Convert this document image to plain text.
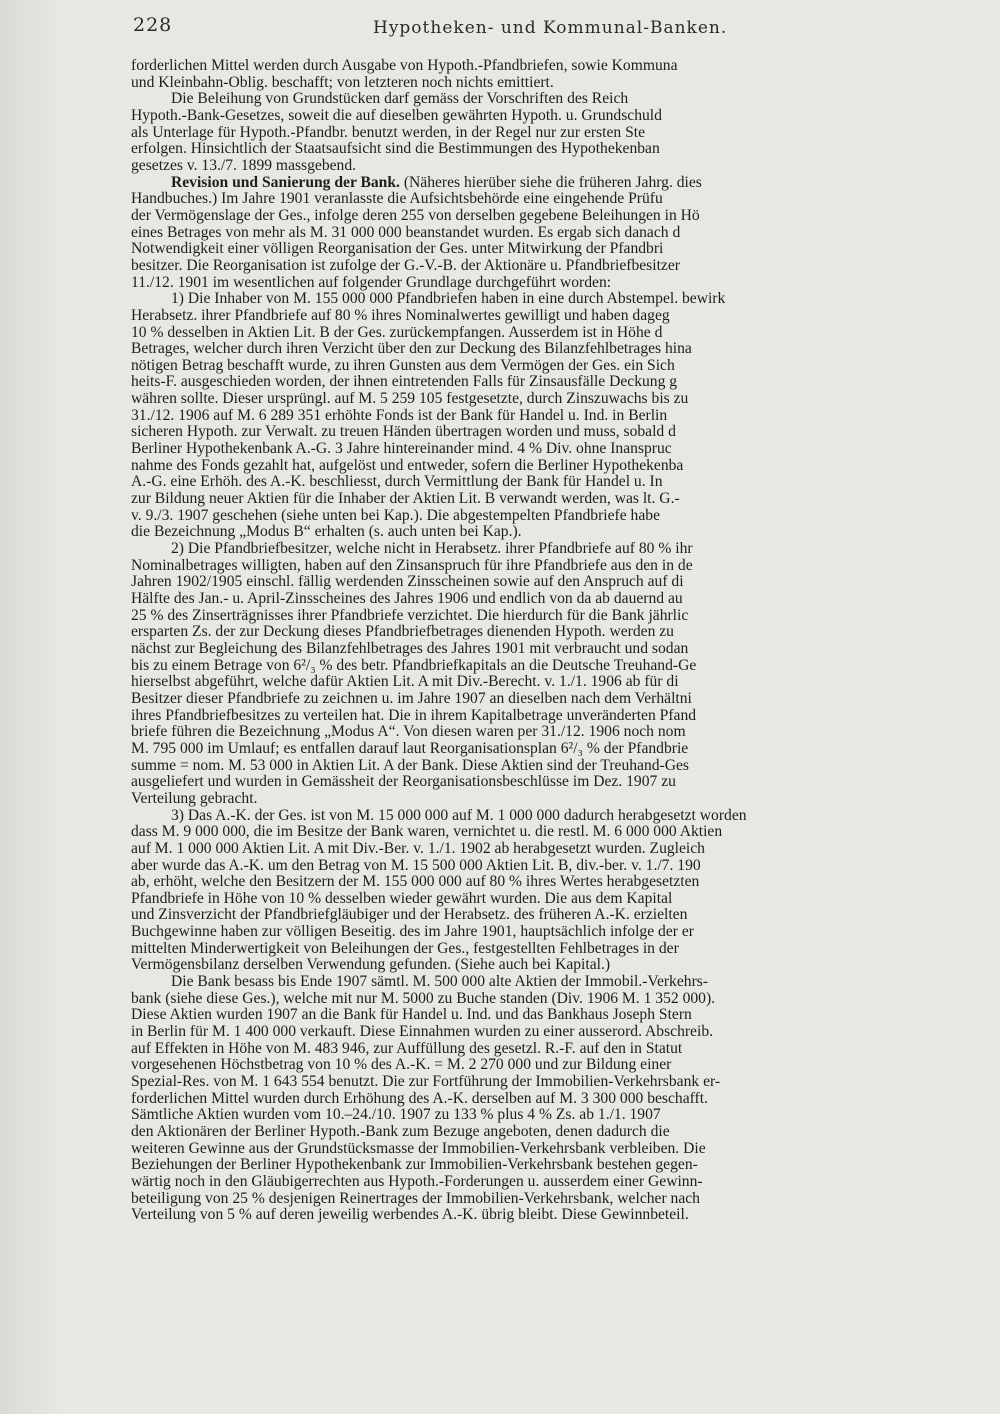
228	Hypotheken- und Kommunal-Banken.

forderlichen Mittel werden durch Ausgabe von Hypoth.-Pfandbriefen, sowie Kommuna
und Kleinbahn-Oblig. beschafft; von letzteren noch nichts emittiert.

Die Beleihung von Grundstücken darf gemäss der Vorschriften des Reich
Hypoth.-Bank-Gesetzes, soweit die auf dieselben gewährten Hypoth. u. Grundschuld
als Unterlage für Hypoth.-Pfandbr. benutzt werden, in der Regel nur zur ersten Ste
erfolgen. Hinsichtlich der Staatsaufsicht sind die Bestimmungen des Hypothekenban
gesetzes v. 13./7. 1899 massgebend.

Revision und Sanierung der Bank. (Näheres hierüber siehe die früheren Jahrg. dies
Handbuches.) Im Jahre 1901 veranlasste die Aufsichtsbehörde eine eingehende Prüfu
der Vermögenslage der Ges., infolge deren 255 von derselben gegebene Beleihungen in Hö
eines Betrages von mehr als M. 31 000 000 beanstandet wurden. Es ergab sich danach d
Notwendigkeit einer völligen Reorganisation der Ges. unter Mitwirkung der Pfandbri
besitzer. Die Reorganisation ist zufolge der G.-V.-B. der Aktionäre u. Pfandbriefbesitzer
11./12. 1901 im wesentlichen auf folgender Grundlage durchgeführt worden:

1) Die Inhaber von M. 155 000 000 Pfandbriefen haben in eine durch Abstempel. bewirk
Herabsetz. ihrer Pfandbriefe auf 80 % ihres Nominalwertes gewilligt und haben dageg
10 % desselben in Aktien Lit. B der Ges. zurückempfangen. Ausserdem ist in Höhe d
Betrages, welcher durch ihren Verzicht über den zur Deckung des Bilanzfehlbetrages hina
nötigen Betrag beschafft wurde, zu ihren Gunsten aus dem Vermögen der Ges. ein Sich
heits-F. ausgeschieden worden, der ihnen eintretenden Falls für Zinsausfälle Deckung g
währen sollte. Dieser ursprüngl. auf M. 5 259 105 festgesetzte, durch Zinszuwachs bis zu
31./12. 1906 auf M. 6 289 351 erhöhte Fonds ist der Bank für Handel u. Ind. in Berlin
sicheren Hypoth. zur Verwalt. zu treuen Händen übertragen worden und muss, sobald d
Berliner Hypothekenbank A.-G. 3 Jahre hintereinander mind. 4 % Div. ohne Inanspruc
nahme des Fonds gezahlt hat, aufgelöst und entweder, sofern die Berliner Hypothekenba
A.-G. eine Erhöh. des A.-K. beschliesst, durch Vermittlung der Bank für Handel u. In
zur Bildung neuer Aktien für die Inhaber der Aktien Lit. B verwandt werden, was lt. G.-
v. 9./3. 1907 geschehen (siehe unten bei Kap.). Die abgestempelten Pfandbriefe habe
die Bezeichnung „Modus B“ erhalten (s. auch unten bei Kap.).

2) Die Pfandbriefbesitzer, welche nicht in Herabsetz. ihrer Pfandbriefe auf 80 % ihr
Nominalbetrages willigten, haben auf den Zinsanspruch für ihre Pfandbriefe aus den in de
Jahren 1902/1905 einschl. fällig werdenden Zinsscheinen sowie auf den Anspruch auf di
Hälfte des Jan.- u. April-Zinsscheines des Jahres 1906 und endlich von da ab dauernd au
25 % des Zinserträgnisses ihrer Pfandbriefe verzichtet. Die hierdurch für die Bank jährlic
ersparten Zs. der zur Deckung dieses Pfandbriefbetrages dienenden Hypoth. werden zu
nächst zur Begleichung des Bilanzfehlbetrages des Jahres 1901 mit verbraucht und sodan
bis zu einem Betrage von 6²/₃ % des betr. Pfandbriefkapitals an die Deutsche Treuhand-Ge
hierselbst abgeführt, welche dafür Aktien Lit. A mit Div.-Berecht. v. 1./1. 1906 ab für di
Besitzer dieser Pfandbriefe zu zeichnen u. im Jahre 1907 an dieselben nach dem Verhältni
ihres Pfandbriefbesitzes zu verteilen hat. Die in ihrem Kapitalbetrage unveränderten Pfand
briefe führen die Bezeichnung „Modus A“. Von diesen waren per 31./12. 1906 noch nom
M. 795 000 im Umlauf; es entfallen darauf laut Reorganisationsplan 6²/₃ % der Pfandbrie
summe = nom. M. 53 000 in Aktien Lit. A der Bank. Diese Aktien sind der Treuhand-Ges
ausgeliefert und wurden in Gemässheit der Reorganisationsbeschlüsse im Dez. 1907 zu
Verteilung gebracht.

3) Das A.-K. der Ges. ist von M. 15 000 000 auf M. 1 000 000 dadurch herabgesetzt worden
dass M. 9 000 000, die im Besitze der Bank waren, vernichtet u. die restl. M. 6 000 000 Aktien
auf M. 1 000 000 Aktien Lit. A mit Div.-Ber. v. 1./1. 1902 ab herabgesetzt wurden. Zugleich
aber wurde das A.-K. um den Betrag von M. 15 500 000 Aktien Lit. B, div.-ber. v. 1./7. 190
ab, erhöht, welche den Besitzern der M. 155 000 000 auf 80 % ihres Wertes herabgesetzten
Pfandbriefe in Höhe von 10 % desselben wieder gewährt wurden. Die aus dem Kapital
und Zinsverzicht der Pfandbriefgläubiger und der Herabsetz. des früheren A.-K. erzielten
Buchgewinne haben zur völligen Beseitig. des im Jahre 1901, hauptsächlich infolge der er
mittelten Minderwertigkeit von Beleihungen der Ges., festgestellten Fehlbetrages in der
Vermögensbilanz derselben Verwendung gefunden. (Siehe auch bei Kapital.)

Die Bank besass bis Ende 1907 sämtl. M. 500 000 alte Aktien der Immobil.-Verkehrs-
bank (siehe diese Ges.), welche mit nur M. 5000 zu Buche standen (Div. 1906 M. 1 352 000).
Diese Aktien wurden 1907 an die Bank für Handel u. Ind. und das Bankhaus Joseph Stern
in Berlin für M. 1 400 000 verkauft. Diese Einnahmen wurden zu einer ausserord. Abschreib.
auf Effekten in Höhe von M. 483 946, zur Auffüllung des gesetzl. R.-F. auf den in Statut
vorgesehenen Höchstbetrag von 10 % des A.-K. = M. 2 270 000 und zur Bildung einer
Spezial-Res. von M. 1 643 554 benutzt. Die zur Fortführung der Immobilien-Verkehrsbank er-
forderlichen Mittel wurden durch Erhöhung des A.-K. derselben auf M. 3 300 000 beschafft.
Sämtliche Aktien wurden vom 10.–24./10. 1907 zu 133 % plus 4 % Zs. ab 1./1. 1907
den Aktionären der Berliner Hypoth.-Bank zum Bezuge angeboten, denen dadurch die
weiteren Gewinne aus der Grundstücksmasse der Immobilien-Verkehrsbank verbleiben. Die
Beziehungen der Berliner Hypothekenbank zur Immobilien-Verkehrsbank bestehen gegen-
wärtig noch in den Gläubigerrechten aus Hypoth.-Forderungen u. ausserdem einer Gewinn-
beteiligung von 25 % desjenigen Reinertrages der Immobilien-Verkehrsbank, welcher nach
Verteilung von 5 % auf deren jeweilig werbendes A.-K. übrig bleibt. Diese Gewinnbeteil.
